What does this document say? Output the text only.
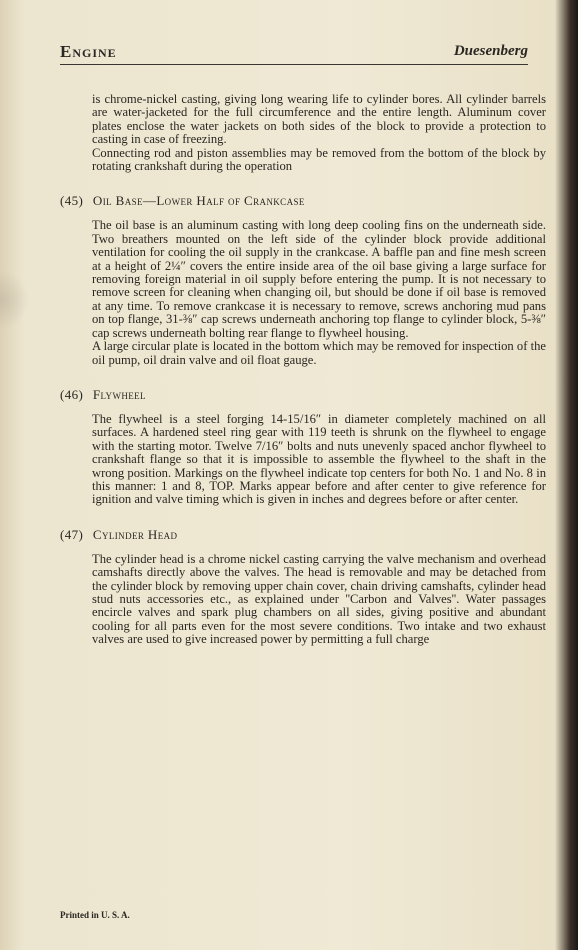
Engine	Duesenberg

is chrome-nickel casting, giving long wearing life to cylinder bores. All cylinder barrels are water-jacketed for the full circumference and the entire length. Aluminum cover plates enclose the water jackets on both sides of the block to provide a protection to casting in case of freezing.

Connecting rod and piston assemblies may be removed from the bottom of the block by rotating crankshaft during the operation

(45) Oil Base—Lower Half of Crankcase

The oil base is an aluminum casting with long deep cooling fins on the underneath side. Two breathers mounted on the left side of the cylinder block provide additional ventilation for cooling the oil supply in the crankcase. A baffle pan and fine mesh screen at a height of 2¼″ covers the entire inside area of the oil base giving a large surface for removing foreign material in oil supply before entering the pump. It is not necessary to remove screen for cleaning when changing oil, but should be done if oil base is removed at any time. To remove crankcase it is necessary to remove, screws anchoring mud pans on top flange, 31-⅜″ cap screws underneath anchoring top flange to cylinder block, 5-⅜″ cap screws underneath bolting rear flange to flywheel housing.

A large circular plate is located in the bottom which may be removed for inspection of the oil pump, oil drain valve and oil float gauge.

(46) Flywheel

The flywheel is a steel forging 14-15/16″ in diameter completely machined on all surfaces. A hardened steel ring gear with 119 teeth is shrunk on the flywheel to engage with the starting motor. Twelve 7/16″ bolts and nuts unevenly spaced anchor flywheel to crankshaft flange so that it is impossible to assemble the flywheel to the shaft in the wrong position. Markings on the flywheel indicate top centers for both No. 1 and No. 8 in this manner: 1 and 8, TOP. Marks appear before and after center to give reference for ignition and valve timing which is given in inches and degrees before or after center.

(47) Cylinder Head

The cylinder head is a chrome nickel casting carrying the valve mechanism and overhead camshafts directly above the valves. The head is removable and may be detached from the cylinder block by removing upper chain cover, chain driving camshafts, cylinder head stud nuts accessories etc., as explained under ''Carbon and Valves''. Water passages encircle valves and spark plug chambers on all sides, giving positive and abundant cooling for all parts even for the most severe conditions. Two intake and two exhaust valves are used to give increased power by permitting a full charge

Printed in U. S. A.
